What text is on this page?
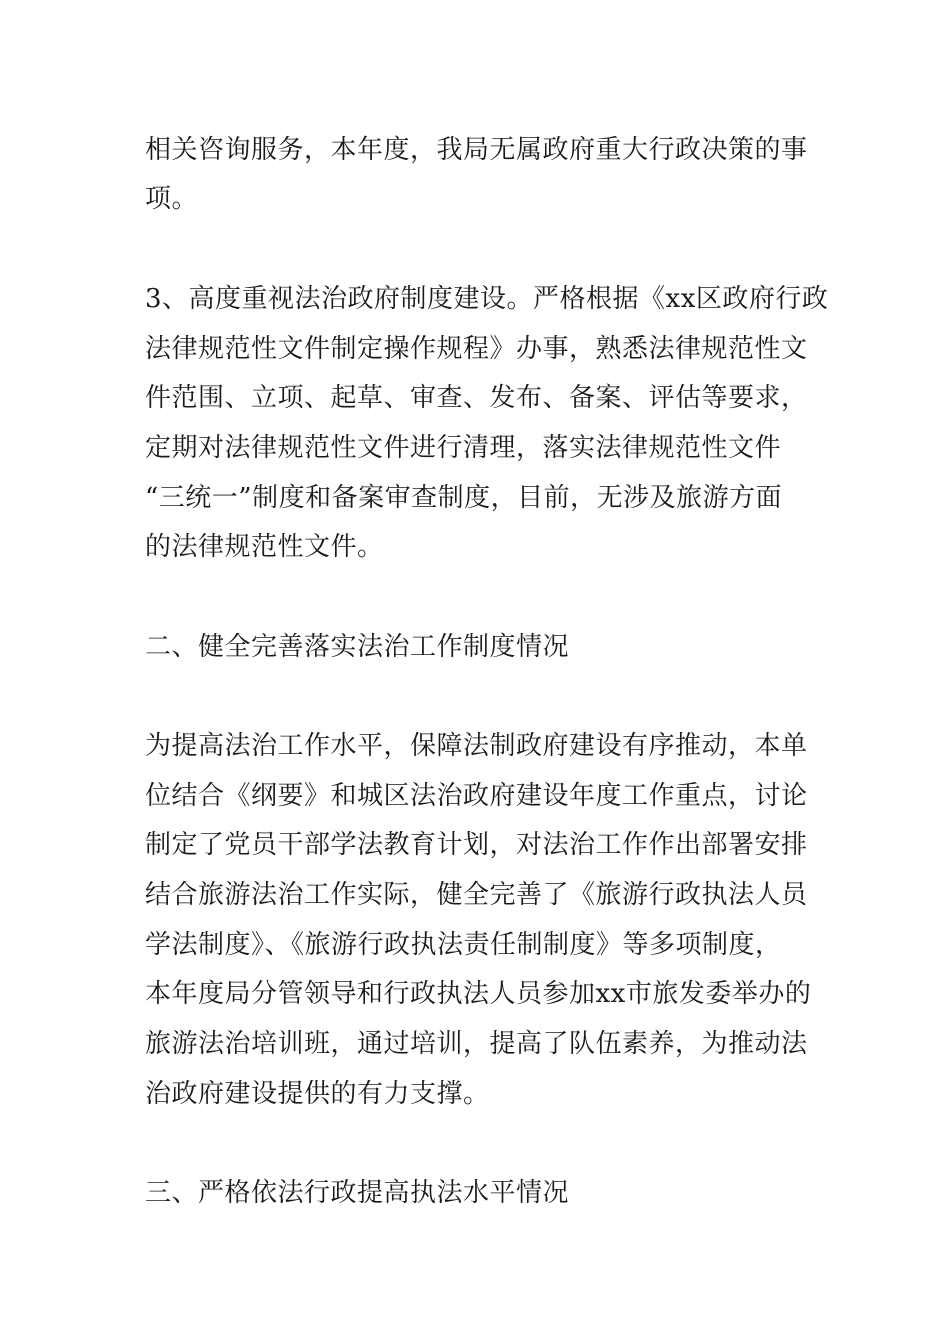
相关咨询服务，本年度，我局无属政府重大行政决策的事
项。
3、高度重视法治政府制度建设。严格根据《xx区政府行政
法律规范性文件制定操作规程》办事，熟悉法律规范性文
件范围、立项、起草、审查、发布、备案、评估等要求，
定期对法律规范性文件进行清理，落实法律规范性文件
“三统一”制度和备案审查制度，目前，无涉及旅游方面
的法律规范性文件。
二、健全完善落实法治工作制度情况
为提高法治工作水平，保障法制政府建设有序推动，本单
位结合《纲要》和城区法治政府建设年度工作重点，讨论
制定了党员干部学法教育计划，对法治工作作出部署安排
结合旅游法治工作实际，健全完善了《旅游行政执法人员
学法制度》、《旅游行政执法责任制制度》等多项制度，
本年度局分管领导和行政执法人员参加xx市旅发委举办的
旅游法治培训班，通过培训，提高了队伍素养，为推动法
治政府建设提供的有力支撑。
三、严格依法行政提高执法水平情况
